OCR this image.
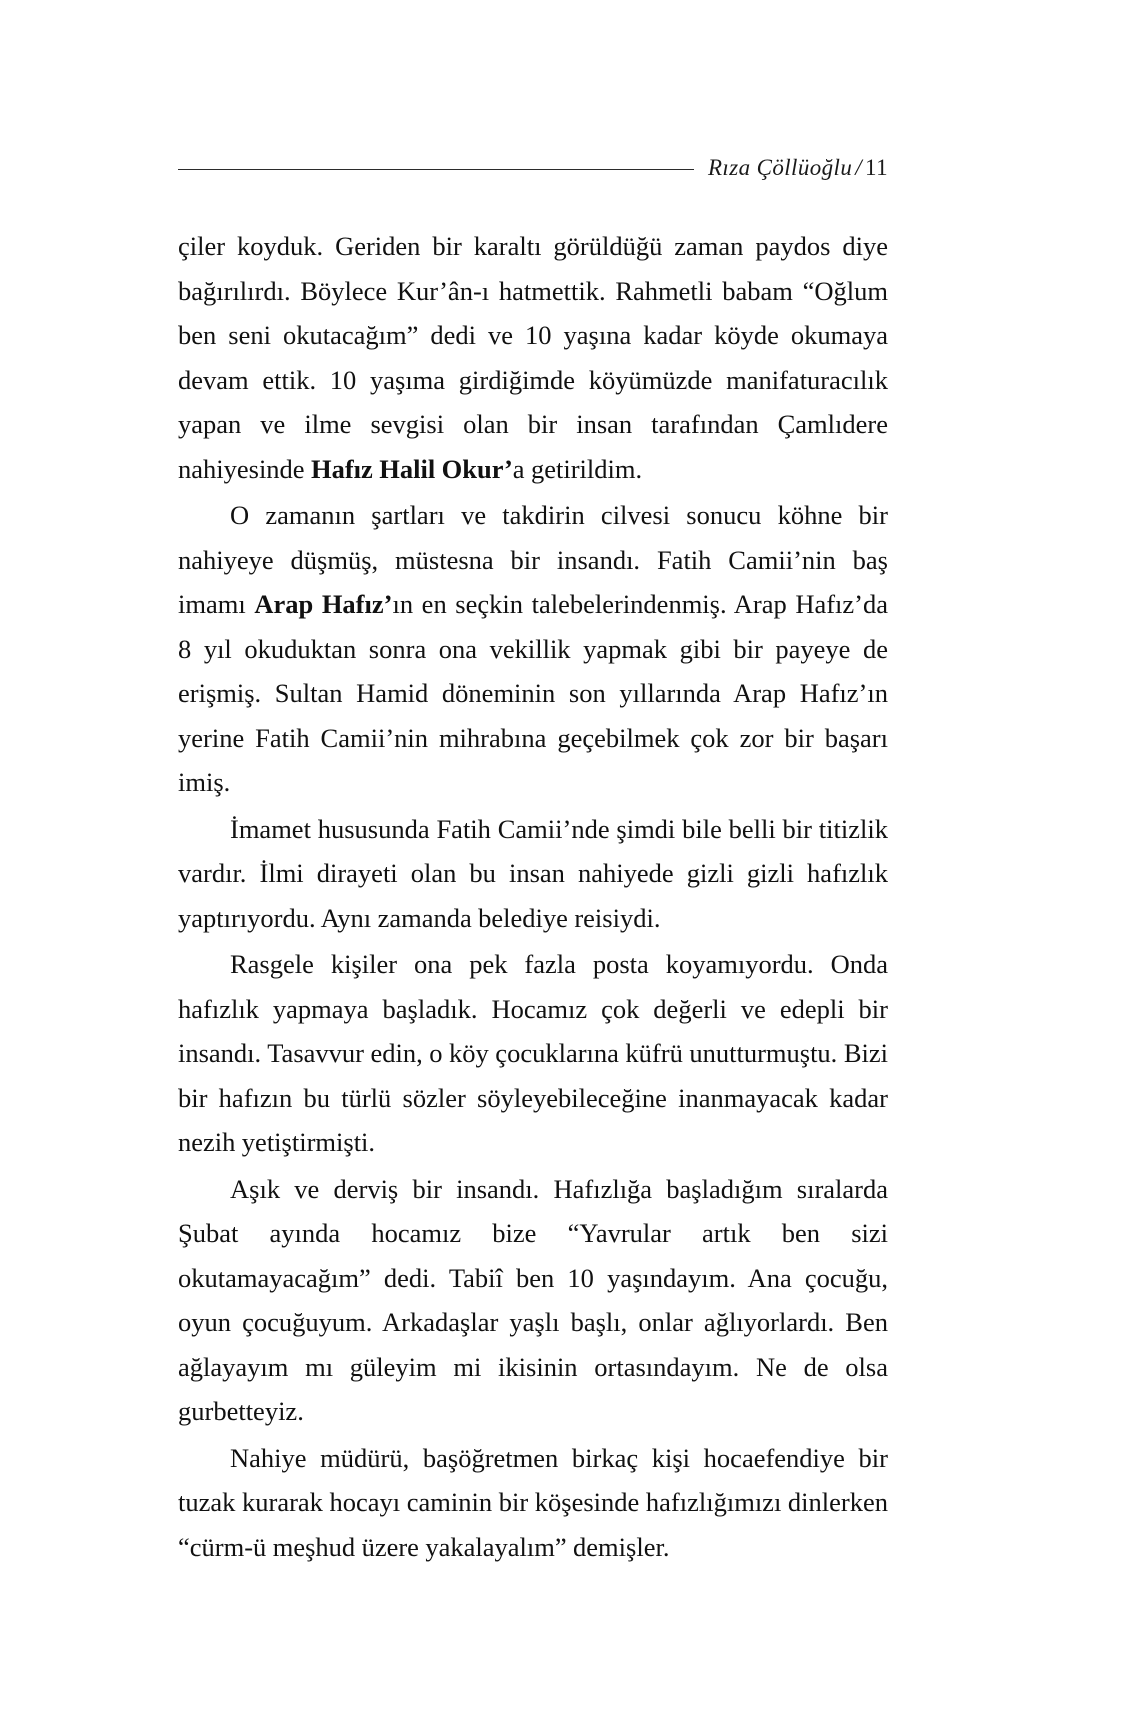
Rıza Çöllüoğlu / 11

çiler koyduk. Geriden bir karaltı görüldüğü zaman paydos diye bağırılırdı. Böylece Kur’ân-ı hatmettik. Rahmetli babam “Oğlum ben seni okutacağım” dedi ve 10 yaşına kadar köyde okumaya devam ettik. 10 yaşıma girdiğimde köyümüzde manifaturacılık yapan ve ilme sevgisi olan bir insan tarafından Çamlıdere nahiyesinde Hafız Halil Okur’a getirildim.

O zamanın şartları ve takdirin cilvesi sonucu köhne bir nahiyeye düşmüş, müstesna bir insandı. Fatih Camii’nin baş imamı Arap Hafız’ın en seçkin talebelerindenmiş. Arap Hafız’da 8 yıl okuduktan sonra ona vekillik yapmak gibi bir payeye de erişmiş. Sultan Hamid döneminin son yıllarında Arap Hafız’ın yerine Fatih Camii’nin mihrabına geçebilmek çok zor bir başarı imiş.

İmamet hususunda Fatih Camii’nde şimdi bile belli bir titizlik vardır. İlmi dirayeti olan bu insan nahiyede gizli gizli hafızlık yaptırıyordu. Aynı zamanda belediye reisiydi.

Rasgele kişiler ona pek fazla posta koyamıyordu. Onda hafızlık yapmaya başladık. Hocamız çok değerli ve edepli bir insandı. Tasavvur edin, o köy çocuklarına küfrü unutturmuştu. Bizi bir hafızın bu türlü sözler söyleyebileceğine inanmayacak kadar nezih yetiştirmişti.

Aşık ve derviş bir insandı. Hafızlığa başladığım sıralarda Şubat ayında hocamız bize “Yavrular artık ben sizi okutamayacağım” dedi. Tabiî ben 10 yaşındayım. Ana çocuğu, oyun çocuğuyum. Arkadaşlar yaşlı başlı, onlar ağlıyorlardı. Ben ağlayayım mı güleyim mi ikisinin ortasındayım. Ne de olsa gurbetteyiz.

Nahiye müdürü, başöğretmen birkaç kişi hocaefendiye bir tuzak kurarak hocayı caminin bir köşesinde hafızlığımızı dinlerken “cürm-ü meşhud üzere yakalayalım” demişler.
